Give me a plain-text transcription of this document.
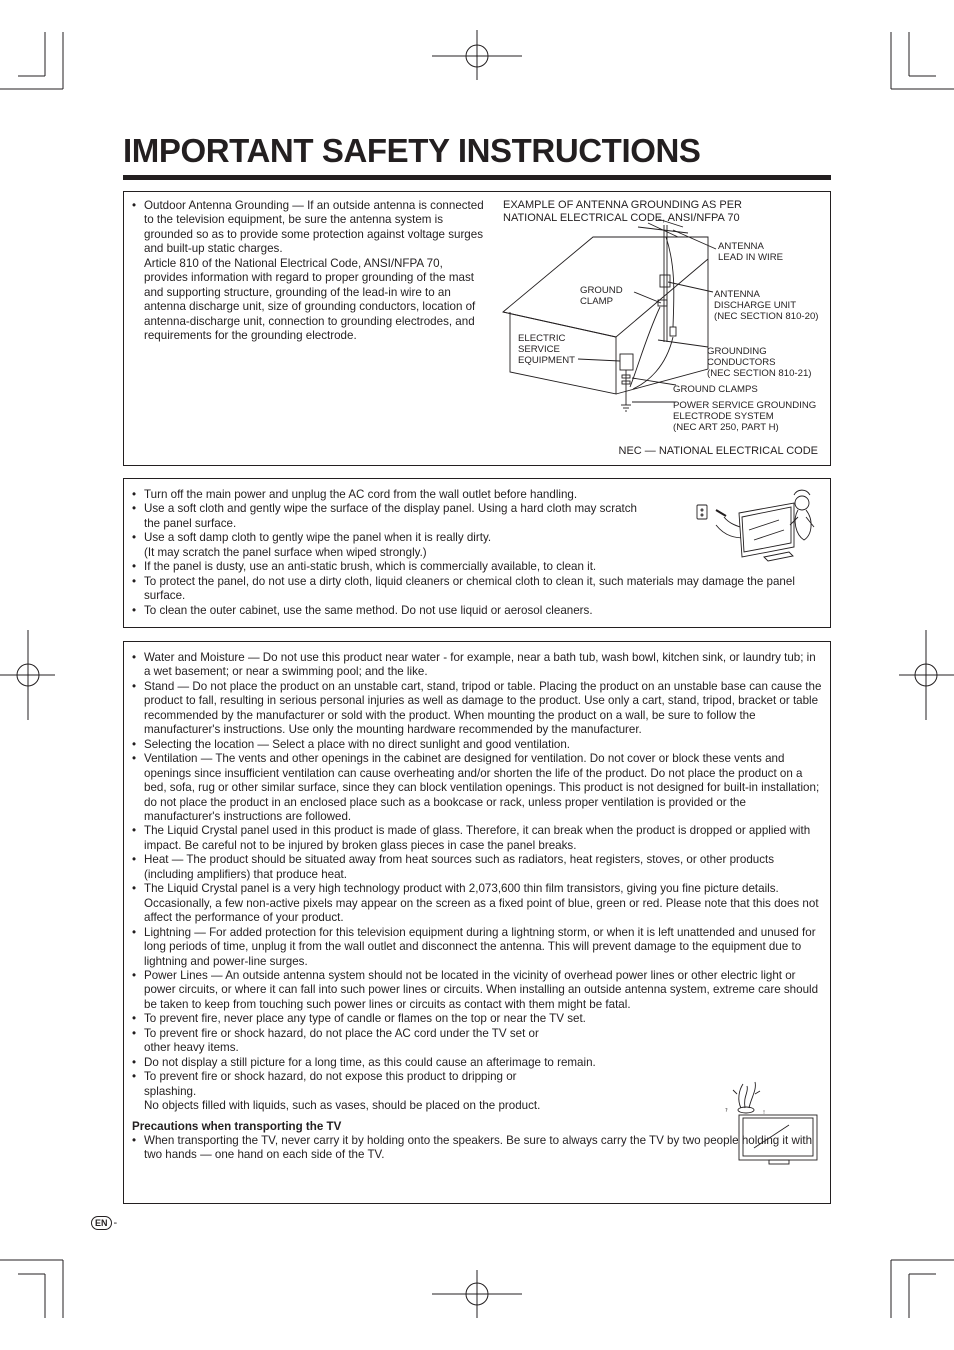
IMPORTANT SAFETY INSTRUCTIONS

• Outdoor Antenna Grounding — If an outside antenna is connected to the television equipment, be sure the antenna system is grounded so as to provide some protection against voltage surges and built-up static charges.

Article 810 of the National Electrical Code, ANSI/NFPA 70, provides information with regard to proper grounding of the mast and supporting structure, grounding of the lead-in wire to an antenna discharge unit, size of grounding conductors, location of antenna-discharge unit, connection to grounding electrodes, and requirements for the grounding electrode.

EXAMPLE OF ANTENNA GROUNDING AS PER
NATIONAL ELECTRICAL CODE, ANSI/NFPA 70
ANTENNA
LEAD IN WIRE
GROUND
CLAMP
ANTENNA
DISCHARGE UNIT
(NEC SECTION 810-20)
ELECTRIC
SERVICE
EQUIPMENT
GROUNDING
CONDUCTORS
(NEC SECTION 810-21)
GROUND CLAMPS
POWER SERVICE GROUNDING
ELECTRODE SYSTEM
(NEC ART 250, PART H)
NEC — NATIONAL ELECTRICAL CODE
• Turn off the main power and unplug the AC cord from the wall outlet before handling.
• Use a soft cloth and gently wipe the surface of the display panel. Using a hard cloth may scratch the panel surface.

• Use a soft damp cloth to gently wipe the panel when it is really dirty.

(It may scratch the panel surface when wiped strongly.)

• If the panel is dusty, use an anti-static brush, which is commercially available, to clean it.
• To protect the panel, do not use a dirty cloth, liquid cleaners or chemical cloth to clean it, such materials may damage the panel surface.
• To clean the outer cabinet, use the same method. Do not use liquid or aerosol cleaners.
• Water and Moisture — Do not use this product near water - for example, near a bath tub, wash bowl, kitchen sink, or laundry tub; in a wet basement; or near a swimming pool; and the like.
• Stand — Do not place the product on an unstable cart, stand, tripod or table. Placing the product on an unstable base can cause the product to fall, resulting in serious personal injuries as well as damage to the product. Use only a cart, stand, tripod, bracket or table recommended by the manufacturer or sold with the product. When mounting the product on a wall, be sure to follow the manufacturer's instructions. Use only the mounting hardware recommended by the manufacturer.
• Selecting the location — Select a place with no direct sunlight and good ventilation.
• Ventilation — The vents and other openings in the cabinet are designed for ventilation. Do not cover or block these vents and openings since insufficient ventilation can cause overheating and/or shorten the life of the product. Do not place the product on a bed, sofa, rug or other similar surface, since they can block ventilation openings. This product is not designed for built-in installation; do not place the product in an enclosed place such as a bookcase or rack, unless proper ventilation is provided or the manufacturer's instructions are followed.
• The Liquid Crystal panel used in this product is made of glass. Therefore, it can break when the product is dropped or applied with impact. Be careful not to be injured by broken glass pieces in case the panel breaks.
• Heat — The product should be situated away from heat sources such as radiators, heat registers, stoves, or other products (including amplifiers) that produce heat.

• The Liquid Crystal panel is a very high technology product with 2,073,600 thin film transistors, giving you fine picture details.

Occasionally, a few non-active pixels may appear on the screen as a fixed point of blue, green or red. Please note that this does not affect the performance of your product.

• Lightning — For added protection for this television equipment during a lightning storm, or when it is left unattended and unused for long periods of time, unplug it from the wall outlet and disconnect the antenna. This will prevent damage to the equipment due to lightning and power-line surges.
• Power Lines — An outside antenna system should not be located in the vicinity of overhead power lines or other electric light or power circuits, or where it can fall into such power lines or circuits. When installing an outside antenna system, extreme care should be taken to keep from touching such power lines or circuits as contact with them might be fatal.
• To prevent fire, never place any type of candle or flames on the top or near the TV set.
• To prevent fire or shock hazard, do not place the AC cord under the TV set or other heavy items.
• Do not display a still picture for a long time, as this could cause an afterimage to remain.

• To prevent fire or shock hazard, do not expose this product to dripping or splashing.

No objects filled with liquids, such as vases, should be placed on the product.

Precautions when transporting the TV

• When transporting the TV, never carry it by holding onto the speakers. Be sure to always carry the TV by two people holding it with two hands — one hand on each side of the TV.
?	!
EN -
